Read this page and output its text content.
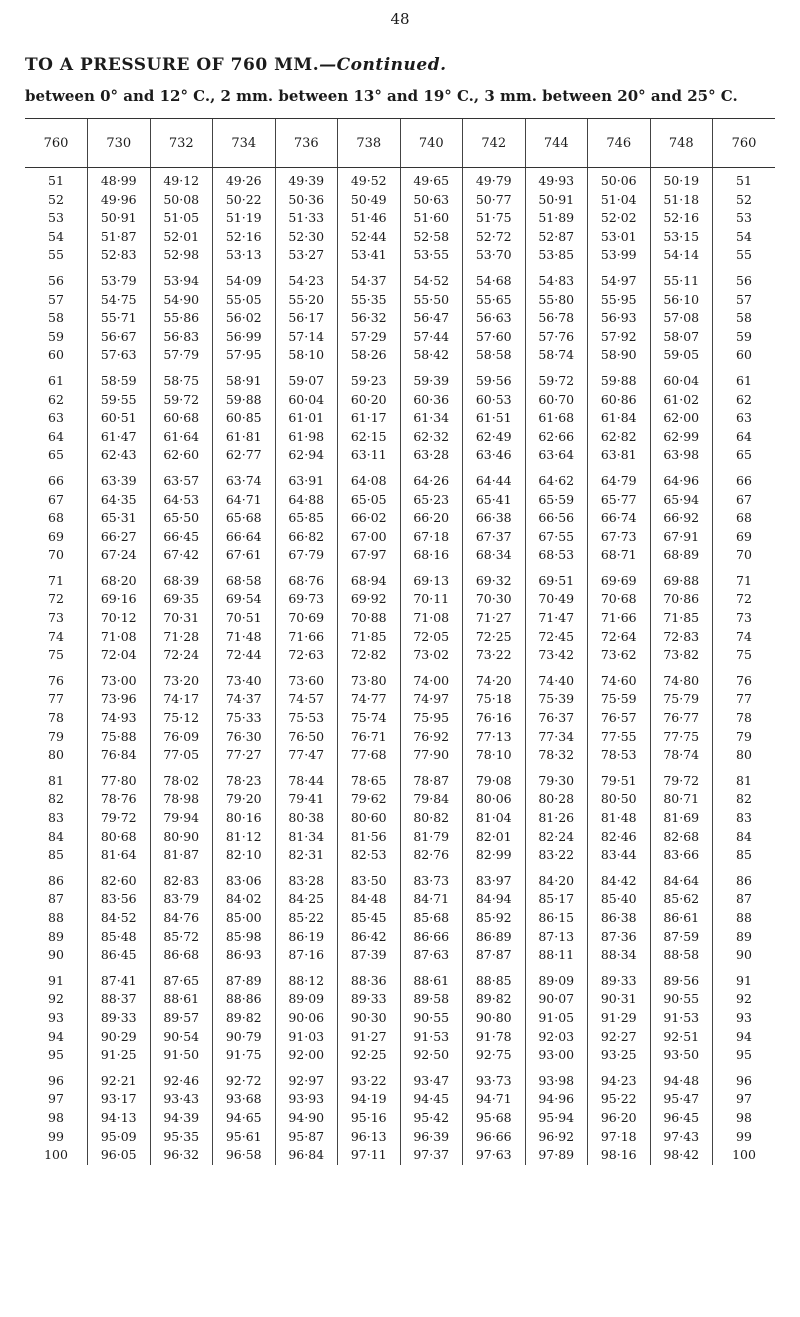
48
TO A PRESSURE OF 760 MM.—Continued.
between 0° and 12° C., 2 mm. between 13° and 19° C., 3 mm. between 20° and 25° C.
760	730	732	734	736	738	740	742	744	746	748	760
51	48·99	49·12	49·26	49·39	49·52	49·65	49·79	49·93	50·06	50·19	51
52	49·96	50·08	50·22	50·36	50·49	50·63	50·77	50·91	51·04	51·18	52
53	50·91	51·05	51·19	51·33	51·46	51·60	51·75	51·89	52·02	52·16	53
54	51·87	52·01	52·16	52·30	52·44	52·58	52·72	52·87	53·01	53·15	54
55	52·83	52·98	53·13	53·27	53·41	53·55	53·70	53·85	53·99	54·14	55
56	53·79	53·94	54·09	54·23	54·37	54·52	54·68	54·83	54·97	55·11	56
57	54·75	54·90	55·05	55·20	55·35	55·50	55·65	55·80	55·95	56·10	57
58	55·71	55·86	56·02	56·17	56·32	56·47	56·63	56·78	56·93	57·08	58
59	56·67	56·83	56·99	57·14	57·29	57·44	57·60	57·76	57·92	58·07	59
60	57·63	57·79	57·95	58·10	58·26	58·42	58·58	58·74	58·90	59·05	60
61	58·59	58·75	58·91	59·07	59·23	59·39	59·56	59·72	59·88	60·04	61
62	59·55	59·72	59·88	60·04	60·20	60·36	60·53	60·70	60·86	61·02	62
63	60·51	60·68	60·85	61·01	61·17	61·34	61·51	61·68	61·84	62·00	63
64	61·47	61·64	61·81	61·98	62·15	62·32	62·49	62·66	62·82	62·99	64
65	62·43	62·60	62·77	62·94	63·11	63·28	63·46	63·64	63·81	63·98	65
66	63·39	63·57	63·74	63·91	64·08	64·26	64·44	64·62	64·79	64·96	66
67	64·35	64·53	64·71	64·88	65·05	65·23	65·41	65·59	65·77	65·94	67
68	65·31	65·50	65·68	65·85	66·02	66·20	66·38	66·56	66·74	66·92	68
69	66·27	66·45	66·64	66·82	67·00	67·18	67·37	67·55	67·73	67·91	69
70	67·24	67·42	67·61	67·79	67·97	68·16	68·34	68·53	68·71	68·89	70
71	68·20	68·39	68·58	68·76	68·94	69·13	69·32	69·51	69·69	69·88	71
72	69·16	69·35	69·54	69·73	69·92	70·11	70·30	70·49	70·68	70·86	72
73	70·12	70·31	70·51	70·69	70·88	71·08	71·27	71·47	71·66	71·85	73
74	71·08	71·28	71·48	71·66	71·85	72·05	72·25	72·45	72·64	72·83	74
75	72·04	72·24	72·44	72·63	72·82	73·02	73·22	73·42	73·62	73·82	75
76	73·00	73·20	73·40	73·60	73·80	74·00	74·20	74·40	74·60	74·80	76
77	73·96	74·17	74·37	74·57	74·77	74·97	75·18	75·39	75·59	75·79	77
78	74·93	75·12	75·33	75·53	75·74	75·95	76·16	76·37	76·57	76·77	78
79	75·88	76·09	76·30	76·50	76·71	76·92	77·13	77·34	77·55	77·75	79
80	76·84	77·05	77·27	77·47	77·68	77·90	78·10	78·32	78·53	78·74	80
81	77·80	78·02	78·23	78·44	78·65	78·87	79·08	79·30	79·51	79·72	81
82	78·76	78·98	79·20	79·41	79·62	79·84	80·06	80·28	80·50	80·71	82
83	79·72	79·94	80·16	80·38	80·60	80·82	81·04	81·26	81·48	81·69	83
84	80·68	80·90	81·12	81·34	81·56	81·79	82·01	82·24	82·46	82·68	84
85	81·64	81·87	82·10	82·31	82·53	82·76	82·99	83·22	83·44	83·66	85
86	82·60	82·83	83·06	83·28	83·50	83·73	83·97	84·20	84·42	84·64	86
87	83·56	83·79	84·02	84·25	84·48	84·71	84·94	85·17	85·40	85·62	87
88	84·52	84·76	85·00	85·22	85·45	85·68	85·92	86·15	86·38	86·61	88
89	85·48	85·72	85·98	86·19	86·42	86·66	86·89	87·13	87·36	87·59	89
90	86·45	86·68	86·93	87·16	87·39	87·63	87·87	88·11	88·34	88·58	90
91	87·41	87·65	87·89	88·12	88·36	88·61	88·85	89·09	89·33	89·56	91
92	88·37	88·61	88·86	89·09	89·33	89·58	89·82	90·07	90·31	90·55	92
93	89·33	89·57	89·82	90·06	90·30	90·55	90·80	91·05	91·29	91·53	93
94	90·29	90·54	90·79	91·03	91·27	91·53	91·78	92·03	92·27	92·51	94
95	91·25	91·50	91·75	92·00	92·25	92·50	92·75	93·00	93·25	93·50	95
96	92·21	92·46	92·72	92·97	93·22	93·47	93·73	93·98	94·23	94·48	96
97	93·17	93·43	93·68	93·93	94·19	94·45	94·71	94·96	95·22	95·47	97
98	94·13	94·39	94·65	94·90	95·16	95·42	95·68	95·94	96·20	96·45	98
99	95·09	95·35	95·61	95·87	96·13	96·39	96·66	96·92	97·18	97·43	99
100	96·05	96·32	96·58	96·84	97·11	97·37	97·63	97·89	98·16	98·42	100
